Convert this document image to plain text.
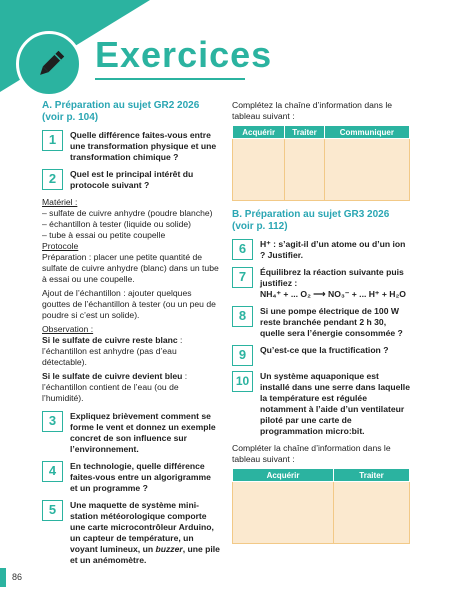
Exercices
A. Préparation au sujet GR2 2026 (voir p. 104)
1	Quelle différence faites-vous entre une transformation physique et une transformation chimique ?
2	Quel est le principal intérêt du protocole suivant ?

Matériel :

– sulfate de cuivre anhydre (poudre blanche)

– échantillon à tester (liquide ou solide)

– tube à essai ou petite coupelle

Protocole

Préparation : placer une petite quantité de sulfate de cuivre anhydre (blanc) dans un tube à essai ou une coupelle.

Ajout de l’échantillon : ajouter quelques gouttes de l’échantillon à tester (ou un peu de poudre si c’est un solide).

Observation :

Si le sulfate de cuivre reste blanc : l’échantillon est anhydre (pas d’eau détectable).

Si le sulfate de cuivre devient bleu : l’échantillon contient de l’eau (ou de l’humidité).

3	Expliquez brièvement comment se forme le vent et donnez un exemple concret de son influence sur l’environnement.
4	En technologie, quelle différence faites-vous entre un algorigramme et un programme ?
5	Une maquette de système mini-station météorologique comporte une carte microcontrôleur Arduino, un capteur de température, un voyant lumineux, un buzzer, une pile et un anémomètre.

Complétez la chaîne d’information dans le tableau suivant :

Acquérir	Traiter	Communiquer

B. Préparation au sujet GR3 2026 (voir p. 112)
6	H⁺ : s’agit-il d’un atome ou d’un ion ? Justifier.
7	Équilibrez la réaction suivante puis justifiez :
NH₄⁺ + ... O₂ ⟶ NO₃⁻ + ... H⁺ + H₂O
8	Si une pompe électrique de 100 W reste branchée pendant 2 h 30, quelle sera l’énergie consommée ?
9	Qu’est-ce que la fructification ?
10	Un système aquaponique est installé dans une serre dans laquelle la température est régulée notamment à l’aide d’un ventilateur piloté par une carte de programmation micro:bit.

Compléter la chaîne d’information dans le tableau suivant :

Acquérir	Traiter

86
